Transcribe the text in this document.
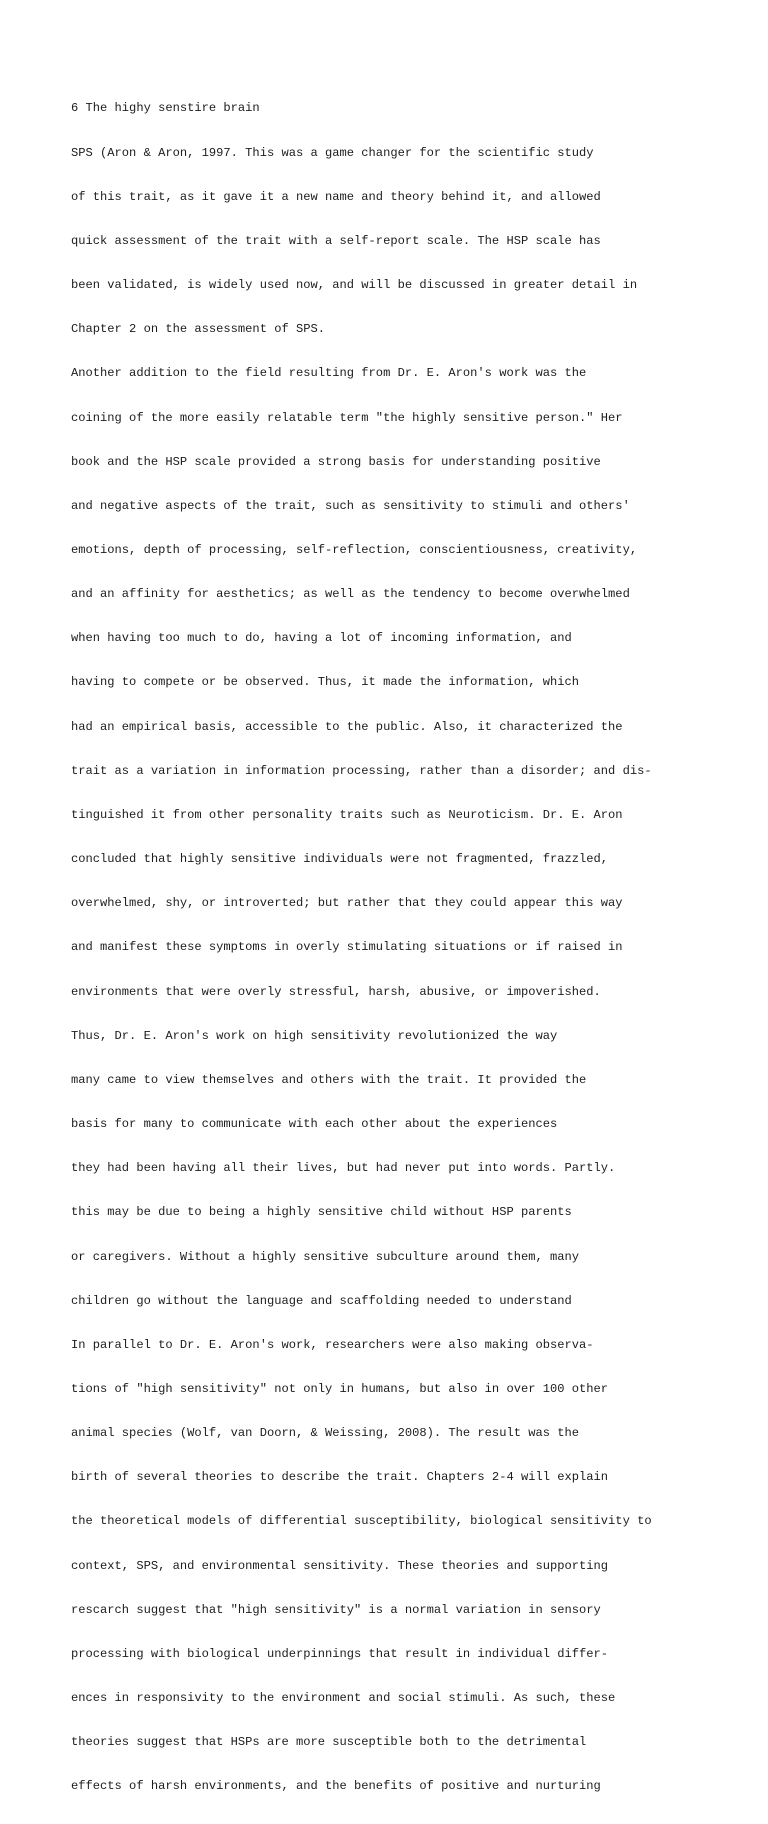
6 The highy senstire brain

SPS (Aron & Aron, 1997. This was a game changer for the scientific study

of this trait, as it gave it a new name and theory behind it, and allowed

quick assessment of the trait with a self-report scale. The HSP scale has

been validated, is widely used now, and will be discussed in greater detail in

Chapter 2 on the assessment of SPS.

Another addition to the field resulting from Dr. E. Aron's work was the

coining of the more easily relatable term "the highly sensitive person." Her

book and the HSP scale provided a strong basis for understanding positive

and negative aspects of the trait, such as sensitivity to stimuli and others'

emotions, depth of processing, self-reflection, conscientiousness, creativity,

and an affinity for aesthetics; as well as the tendency to become overwhelmed

when having too much to do, having a lot of incoming information, and

having to compete or be observed. Thus, it made the information, which

had an empirical basis, accessible to the public. Also, it characterized the

trait as a variation in information processing, rather than a disorder; and dis-

tinguished it from other personality traits such as Neuroticism. Dr. E. Aron

concluded that highly sensitive individuals were not fragmented, frazzled,

overwhelmed, shy, or introverted; but rather that they could appear this way

and manifest these symptoms in overly stimulating situations or if raised in

environments that were overly stressful, harsh, abusive, or impoverished.

Thus, Dr. E. Aron's work on high sensitivity revolutionized the way

many came to view themselves and others with the trait. It provided the

basis for many to communicate with each other about the experiences

they had been having all their lives, but had never put into words. Partly.

this may be due to being a highly sensitive child without HSP parents

or caregivers. Without a highly sensitive subculture around them, many

children go without the language and scaffolding needed to understand

In parallel to Dr. E. Aron's work, researchers were also making observa-

tions of "high sensitivity" not only in humans, but also in over 100 other

animal species (Wolf, van Doorn, & Weissing, 2008). The result was the

birth of several theories to describe the trait. Chapters 2-4 will explain

the theoretical models of differential susceptibility, biological sensitivity to

context, SPS, and environmental sensitivity. These theories and supporting

rescarch suggest that "high sensitivity" is a normal variation in sensory

processing with biological underpinnings that result in individual differ-

ences in responsivity to the environment and social stimuli. As such, these

theories suggest that HSPs are more susceptible both to the detrimental

effects of harsh environments, and the benefits of positive and nurturing
